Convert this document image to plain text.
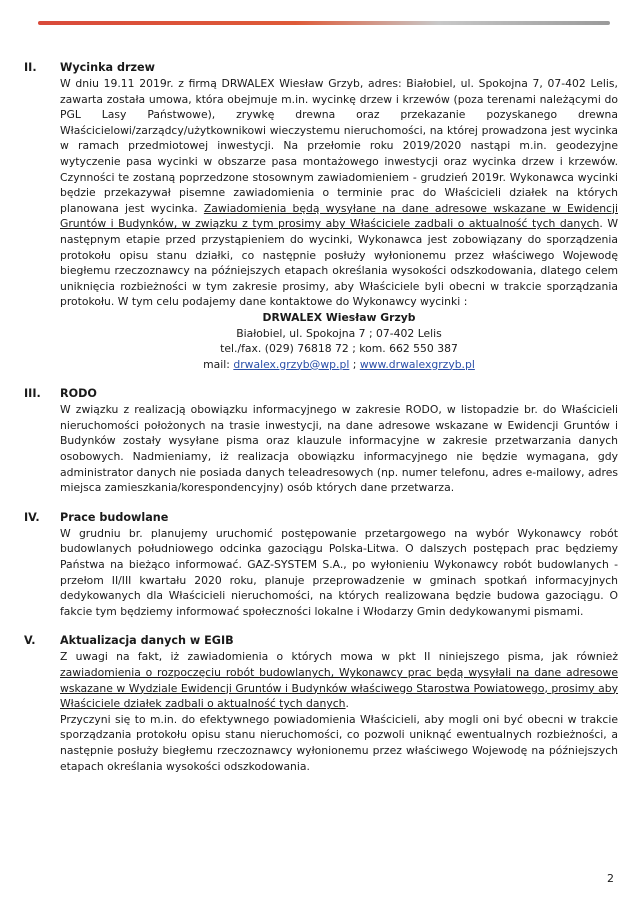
II.	Wycinka drzew
W dniu 19.11 2019r. z firmą DRWALEX Wiesław Grzyb, adres: Białobiel, ul. Spokojna 7, 07-402 Lelis, zawarta została umowa, która obejmuje m.in. wycinkę drzew i krzewów (poza terenami należącymi do PGL Lasy Państwowe), zrywkę drewna oraz przekazanie pozyskanego drewna Właścicielowi/zarządcy/użytkownikowi wieczystemu nieruchomości, na której prowadzona jest wycinka w ramach przedmiotowej inwestycji. Na przełomie roku 2019/2020 nastąpi m.in. geodezyjne wytyczenie pasa wycinki w obszarze pasa montażowego inwestycji oraz wycinka drzew i krzewów. Czynności te zostaną poprzedzone stosownym zawiadomieniem - grudzień 2019r. Wykonawca wycinki będzie przekazywał pisemne zawiadomienia o terminie prac do Właścicieli działek na których planowana jest wycinka. Zawiadomienia będą wysyłane na dane adresowe wskazane w Ewidencji Gruntów i Budynków, w związku z tym prosimy aby Właściciele zadbali o aktualność tych danych. W następnym etapie przed przystąpieniem do wycinki, Wykonawca jest zobowiązany do sporządzenia protokołu opisu stanu działki, co następnie posłuży wyłonionemu przez właściwego Wojewodę biegłemu rzeczoznawcy na późniejszych etapach określania wysokości odszkodowania, dlatego celem uniknięcia rozbieżności w tym zakresie prosimy, aby Właściciele byli obecni w trakcie sporządzania protokołu. W tym celu podajemy dane kontaktowe do Wykonawcy wycinki :
DRWALEX Wiesław Grzyb
Białobiel, ul. Spokojna 7 ; 07-402 Lelis
tel./fax. (029) 76818 72 ; kom. 662 550 387
mail: drwalex.grzyb@wp.pl ; www.drwalexgrzyb.pl
III.	RODO
W związku z realizacją obowiązku informacyjnego w zakresie RODO, w listopadzie br. do Właścicieli nieruchomości położonych na trasie inwestycji, na dane adresowe wskazane w Ewidencji Gruntów i Budynków zostały wysyłane pisma oraz klauzule informacyjne w zakresie przetwarzania danych osobowych. Nadmieniamy, iż realizacja obowiązku informacyjnego nie będzie wymagana, gdy administrator danych nie posiada danych teleadresowych (np. numer telefonu, adres e-mailowy, adres miejsca zamieszkania/korespondencyjny) osób których dane przetwarza.
IV.	Prace budowlane
W grudniu br. planujemy uruchomić postępowanie przetargowego na wybór Wykonawcy robót budowlanych południowego odcinka gazociągu Polska-Litwa. O dalszych postępach prac będziemy Państwa na bieżąco informować. GAZ-SYSTEM S.A., po wyłonieniu Wykonawcy robót budowlanych - przełom II/III kwartału 2020 roku, planuje przeprowadzenie w gminach spotkań informacyjnych dedykowanych dla Właścicieli nieruchomości, na których realizowana będzie budowa gazociągu. O fakcie tym będziemy informować społeczności lokalne i Włodarzy Gmin dedykowanymi pismami.
V.	Aktualizacja danych w EGIB
Z uwagi na fakt, iż zawiadomienia o których mowa w pkt II niniejszego pisma, jak również zawiadomienia o rozpoczęciu robót budowlanych, Wykonawcy prac będą wysyłali na dane adresowe wskazane w Wydziale Ewidencji Gruntów i Budynków właściwego Starostwa Powiatowego, prosimy aby Właściciele działek zadbali o aktualność tych danych.
Przyczyni się to m.in. do efektywnego powiadomienia Właścicieli, aby mogli oni być obecni w trakcie sporządzania protokołu opisu stanu nieruchomości, co pozwoli uniknąć ewentualnych rozbieżności, a następnie posłuży biegłemu rzeczoznawcy wyłonionemu przez właściwego Wojewodę na późniejszych etapach określania wysokości odszkodowania.
2
